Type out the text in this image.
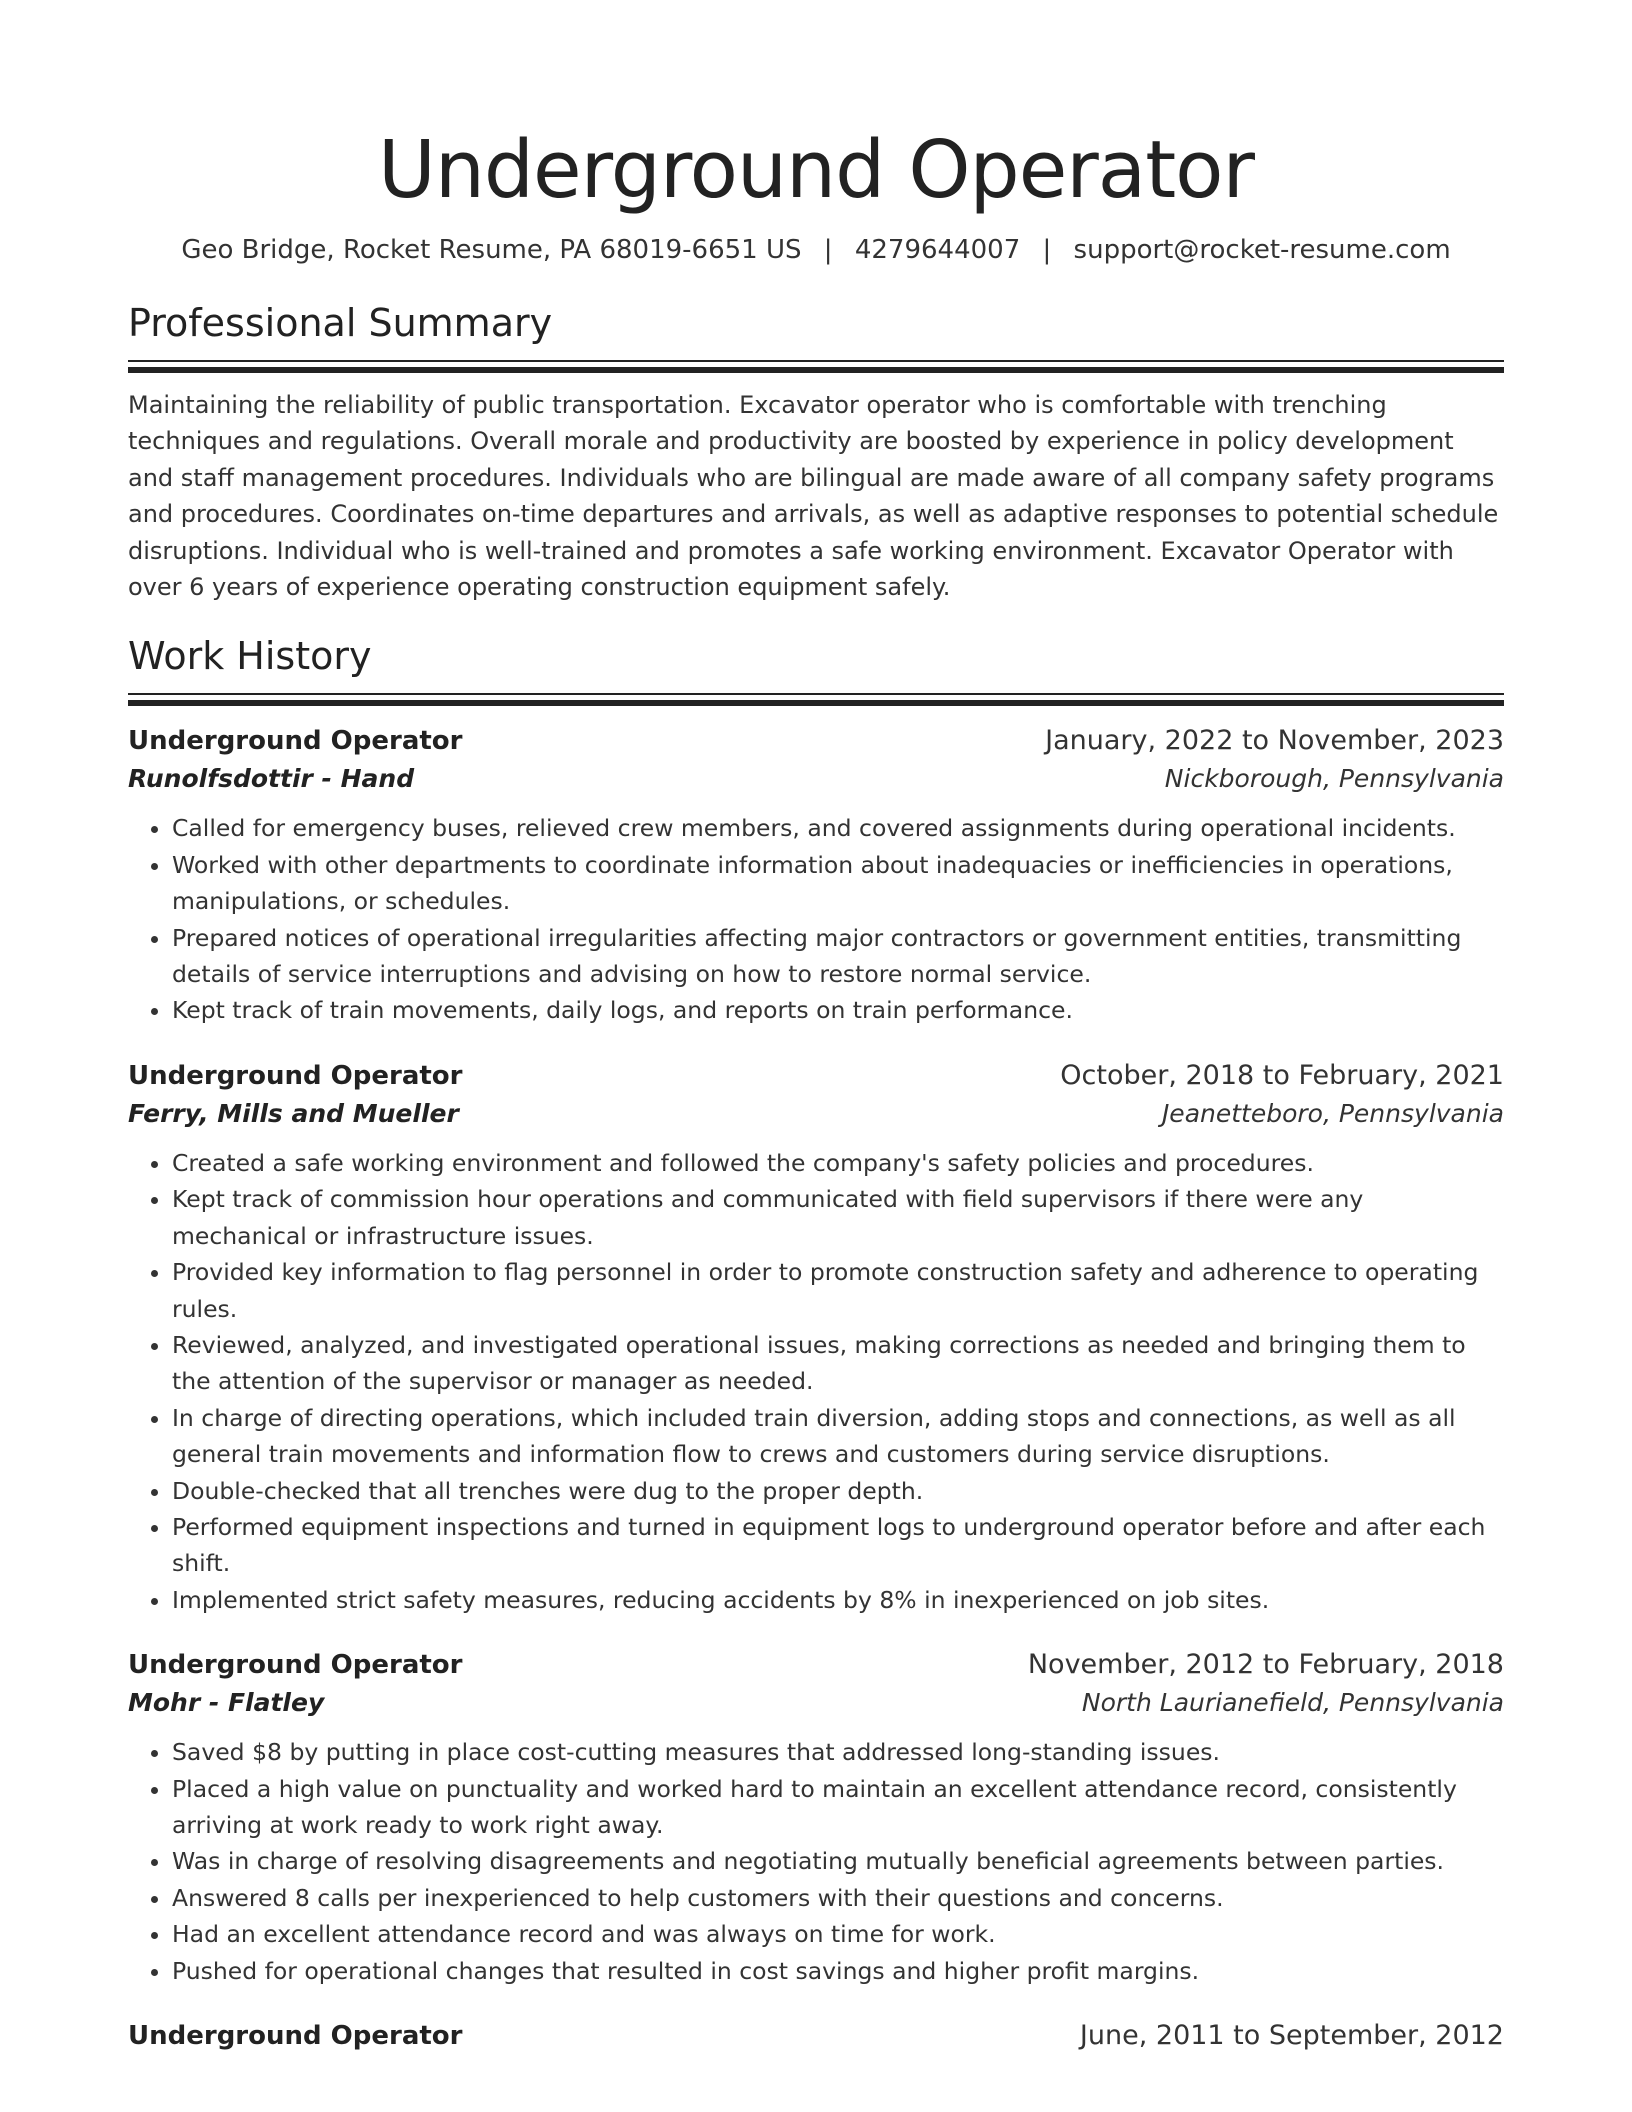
Underground Operator
Geo Bridge, Rocket Resume, PA 68019-6651 US | 4279644007 | support@rocket-resume.com
Professional Summary

Maintaining the reliability of public transportation. Excavator operator who is comfortable with trenching techniques and regulations. Overall morale and productivity are boosted by experience in policy development and staff management procedures. Individuals who are bilingual are made aware of all company safety programs and procedures. Coordinates on-time departures and arrivals, as well as adaptive responses to potential schedule disruptions. Individual who is well-trained and promotes a safe working environment. Excavator Operator with over 6 years of experience operating construction equipment safely.

Work History
Underground Operator	January, 2022 to November, 2023
Runolfsdottir - Hand	Nickborough, Pennsylvania
• Called for emergency buses, relieved crew members, and covered assignments during operational incidents.
• Worked with other departments to coordinate information about inadequacies or inefficiencies in operations, manipulations, or schedules.
• Prepared notices of operational irregularities affecting major contractors or government entities, transmitting details of service interruptions and advising on how to restore normal service.
• Kept track of train movements, daily logs, and reports on train performance.
Underground Operator	October, 2018 to February, 2021
Ferry, Mills and Mueller	Jeanetteboro, Pennsylvania
• Created a safe working environment and followed the company's safety policies and procedures.
• Kept track of commission hour operations and communicated with field supervisors if there were any mechanical or infrastructure issues.
• Provided key information to flag personnel in order to promote construction safety and adherence to operating rules.
• Reviewed, analyzed, and investigated operational issues, making corrections as needed and bringing them to the attention of the supervisor or manager as needed.
• In charge of directing operations, which included train diversion, adding stops and connections, as well as all general train movements and information flow to crews and customers during service disruptions.
• Double-checked that all trenches were dug to the proper depth.
• Performed equipment inspections and turned in equipment logs to underground operator before and after each shift.
• Implemented strict safety measures, reducing accidents by 8% in inexperienced on job sites.
Underground Operator	November, 2012 to February, 2018
Mohr - Flatley	North Laurianefield, Pennsylvania
• Saved $8 by putting in place cost-cutting measures that addressed long-standing issues.
• Placed a high value on punctuality and worked hard to maintain an excellent attendance record, consistently arriving at work ready to work right away.
• Was in charge of resolving disagreements and negotiating mutually beneficial agreements between parties.
• Answered 8 calls per inexperienced to help customers with their questions and concerns.
• Had an excellent attendance record and was always on time for work.
• Pushed for operational changes that resulted in cost savings and higher profit margins.
Underground Operator	June, 2011 to September, 2012
